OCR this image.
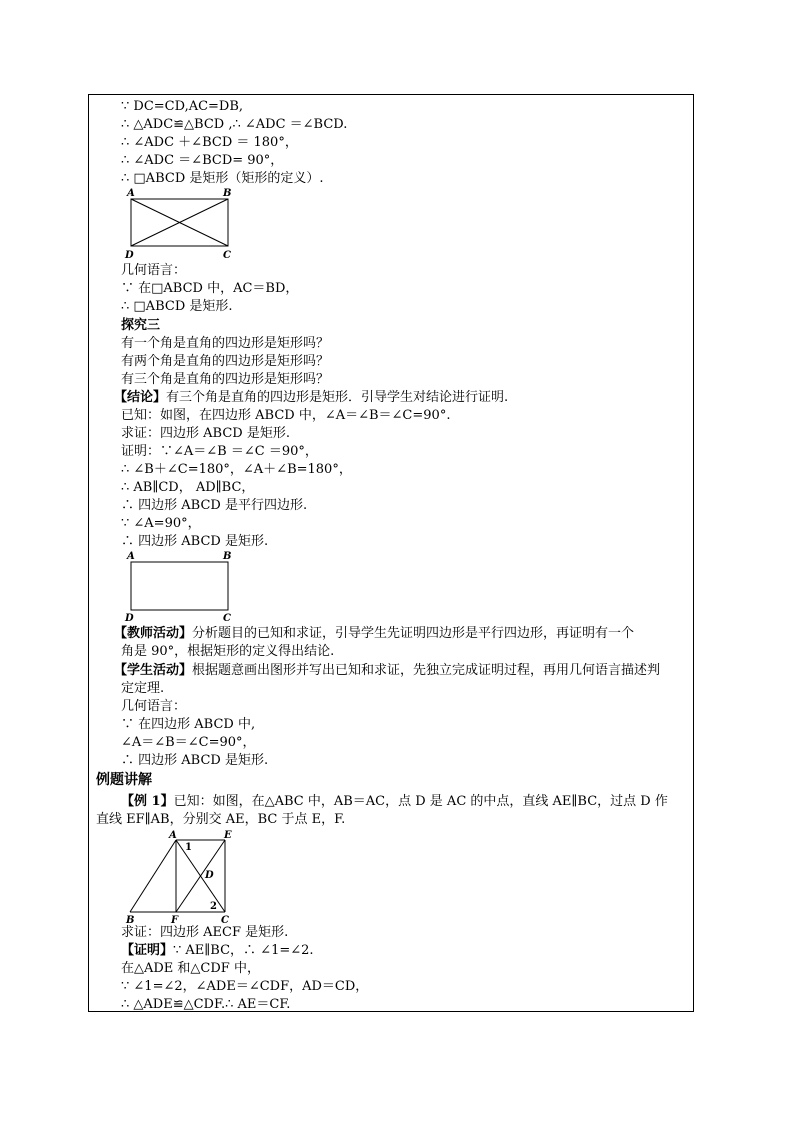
∵ DC=CD,AC=DB,
∴ △ADC≌△BCD ,∴ ∠ADC ＝∠BCD.
∴ ∠ADC ＋∠BCD ＝ 180°，
∴ ∠ADC ＝∠BCD= 90°，
∴ □ABCD 是矩形（矩形的定义）.
A	B
D	C
几何语言：
∵ 在□ABCD 中，AC＝BD，
∴ □ABCD 是矩形.
探究三
有一个角是直角的四边形是矩形吗？
有两个角是直角的四边形是矩形吗？
有三个角是直角的四边形是矩形吗？
【结论】有三个角是直角的四边形是矩形．引导学生对结论进行证明.
已知：如图，在四边形 ABCD 中，∠A＝∠B＝∠C=90°.
求证：四边形 ABCD 是矩形.
证明：∵∠A＝∠B ＝∠C ＝90°，
∴ ∠B＋∠C=180°，∠A＋∠B=180°，
∴ AB∥CD， AD∥BC，
∴ 四边形 ABCD 是平行四边形.
∵ ∠A=90°，
∴ 四边形 ABCD 是矩形.
A	B
D	C
【教师活动】分析题目的已知和求证，引导学生先证明四边形是平行四边形，再证明有一个
角是 90°，根据矩形的定义得出结论.
【学生活动】根据题意画出图形并写出已知和求证，先独立完成证明过程，再用几何语言描述判
定定理.
几何语言：
∵ 在四边形 ABCD 中,
∠A＝∠B＝∠C=90°，
∴ 四边形 ABCD 是矩形.
例题讲解
【例 1】已知：如图，在△ABC 中，AB＝AC，点 D 是 AC 的中点，直线 AE∥BC，过点 D 作
直线 EF∥AB，分别交 AE，BC 于点 E，F.
A	E
B	F	C
D
1
2
求证：四边形 AECF 是矩形.
【证明】∵ AE∥BC，∴ ∠1=∠2.
在△ADE 和△CDF 中，
∵ ∠1=∠2，∠ADE＝∠CDF，AD＝CD，
∴ △ADE≌△CDF.∴ AE＝CF.
